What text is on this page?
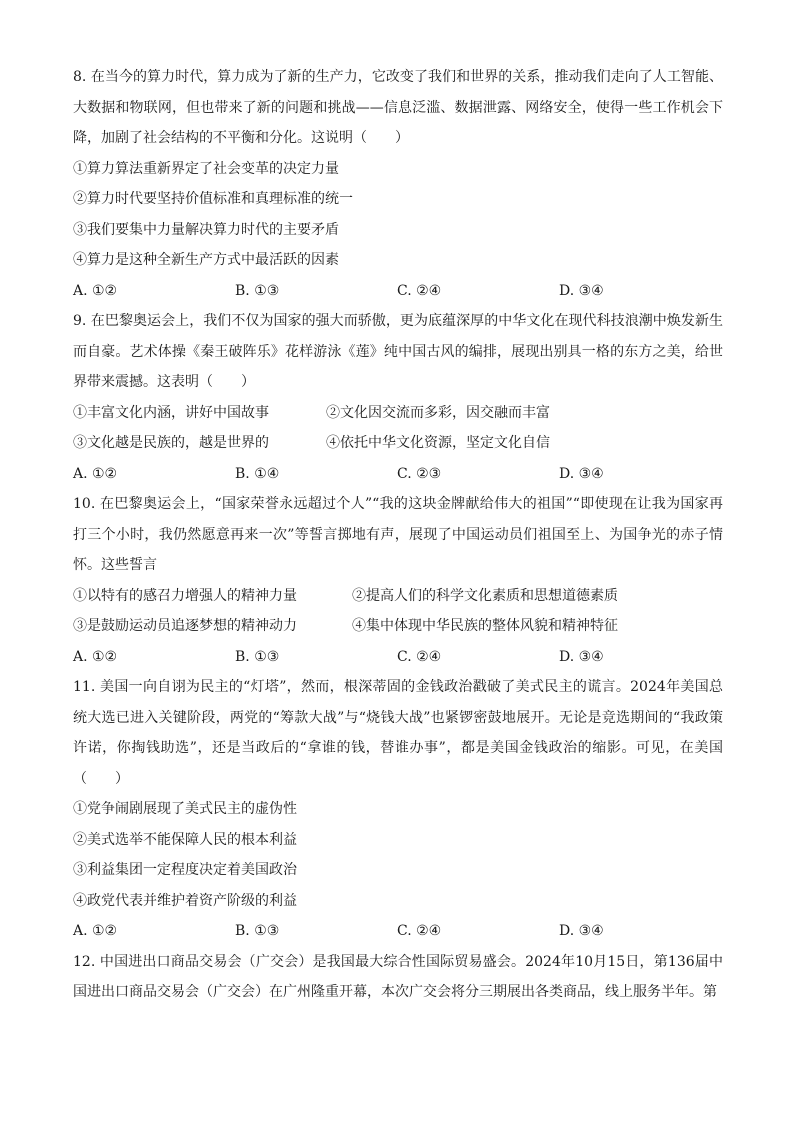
8. 在当今的算力时代，算力成为了新的生产力，它改变了我们和世界的关系，推动我们走向了人工智能、大数据和物联网，但也带来了新的问题和挑战——信息泛滥、数据泄露、网络安全，使得一些工作机会下降，加剧了社会结构的不平衡和分化。这说明（　　）
①算力算法重新界定了社会变革的决定力量
②算力时代要坚持价值标准和真理标准的统一
③我们要集中力量解决算力时代的主要矛盾
④算力是这种全新生产方式中最活跃的因素
A. ①②	B. ①③	C. ②④	D. ③④
9. 在巴黎奥运会上，我们不仅为国家的强大而骄傲，更为底蕴深厚的中华文化在现代科技浪潮中焕发新生而自豪。艺术体操《秦王破阵乐》花样游泳《莲》纯中国古风的编排，展现出别具一格的东方之美，给世界带来震撼。这表明（　　）
①丰富文化内涵，讲好中国故事	②文化因交流而多彩，因交融而丰富
③文化越是民族的，越是世界的	④依托中华文化资源，坚定文化自信
A. ①②	B. ①④	C. ②③	D. ③④
10. 在巴黎奥运会上，“国家荣誉永远超过个人”“我的这块金牌献给伟大的祖国”“即使现在让我为国家再打三个小时，我仍然愿意再来一次”等誓言掷地有声，展现了中国运动员们祖国至上、为国争光的赤子情怀。这些誓言
①以特有的感召力增强人的精神力量	②提高人们的科学文化素质和思想道德素质
③是鼓励运动员追逐梦想的精神动力	④集中体现中华民族的整体风貌和精神特征
A. ①②	B. ①③	C. ②④	D. ③④
11. 美国一向自诩为民主的“灯塔”，然而，根深蒂固的金钱政治戳破了美式民主的谎言。2024年美国总统大选已进入关键阶段，两党的“筹款大战”与“烧钱大战”也紧锣密鼓地展开。无论是竞选期间的“我政策许诺，你掏钱助选”，还是当政后的“拿谁的钱，替谁办事”，都是美国金钱政治的缩影。可见，在美国（　　）
①党争闹剧展现了美式民主的虚伪性
②美式选举不能保障人民的根本利益
③利益集团一定程度决定着美国政治
④政党代表并维护着资产阶级的利益
A. ①②	B. ①③	C. ②④	D. ③④
12. 中国进出口商品交易会（广交会）是我国最大综合性国际贸易盛会。2024年10月15日，第136届中国进出口商品交易会（广交会）在广州隆重开幕，本次广交会将分三期展出各类商品，线上服务半年。第
